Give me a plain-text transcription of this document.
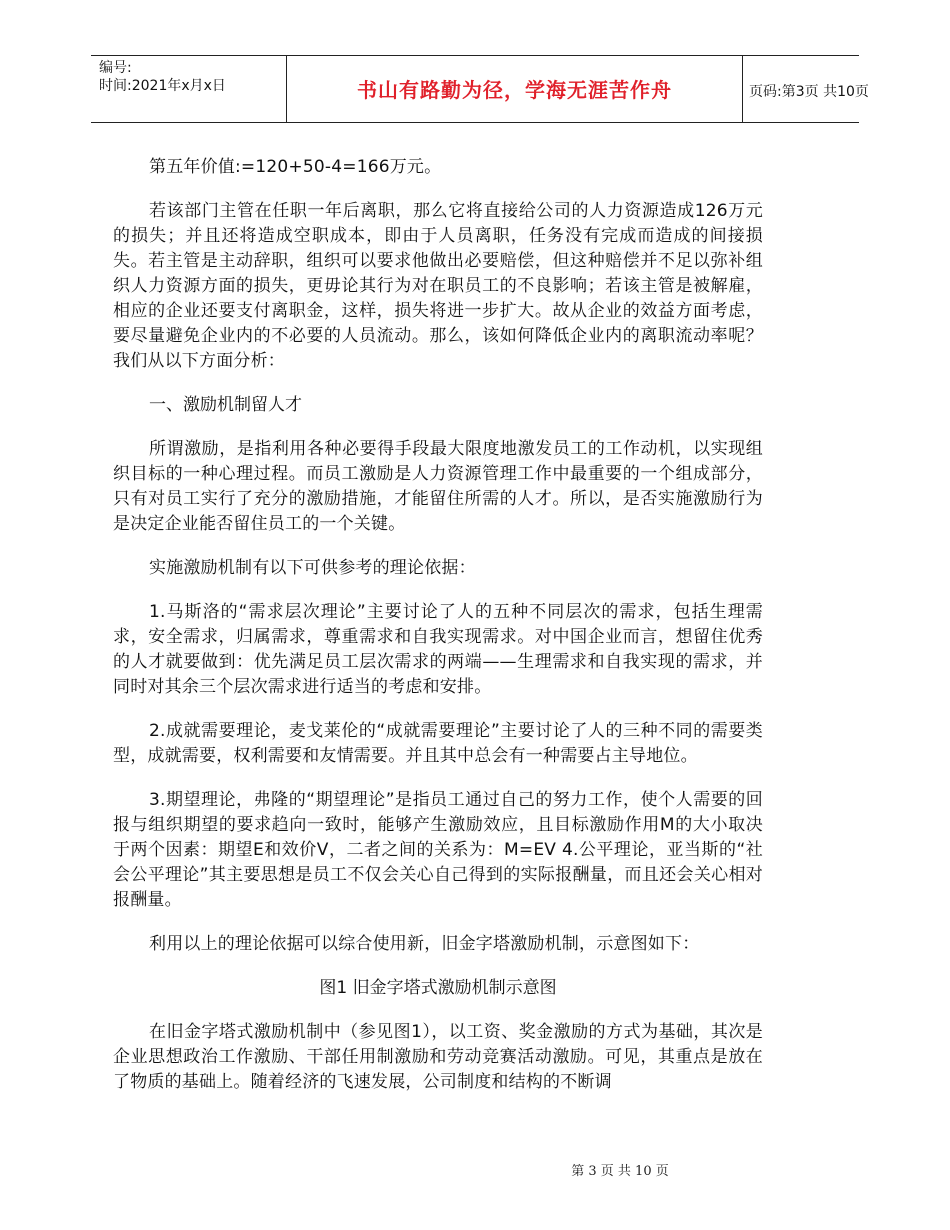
编号:
时间:2021年x月x日	书山有路勤为径，学海无涯苦作舟	页码:第3页 共10页

第五年价值:=120+50-4=166万元。

若该部门主管在任职一年后离职，那么它将直接给公司的人力资源造成126万元的损失；并且还将造成空职成本，即由于人员离职，任务没有完成而造成的间接损失。若主管是主动辞职，组织可以要求他做出必要赔偿，但这种赔偿并不足以弥补组织人力资源方面的损失，更毋论其行为对在职员工的不良影响；若该主管是被解雇，相应的企业还要支付离职金，这样，损失将进一步扩大。故从企业的效益方面考虑，要尽量避免企业内的不必要的人员流动。那么，该如何降低企业内的离职流动率呢？我们从以下方面分析：

一、激励机制留人才

所谓激励，是指利用各种必要得手段最大限度地激发员工的工作动机，以实现组织目标的一种心理过程。而员工激励是人力资源管理工作中最重要的一个组成部分，只有对员工实行了充分的激励措施，才能留住所需的人才。所以，是否实施激励行为是决定企业能否留住员工的一个关键。

实施激励机制有以下可供参考的理论依据：

1.马斯洛的“需求层次理论”主要讨论了人的五种不同层次的需求，包括生理需求，安全需求，归属需求，尊重需求和自我实现需求。对中国企业而言，想留住优秀的人才就要做到：优先满足员工层次需求的两端——生理需求和自我实现的需求，并同时对其余三个层次需求进行适当的考虑和安排。

2.成就需要理论，麦戈莱伦的“成就需要理论”主要讨论了人的三种不同的需要类型，成就需要，权利需要和友情需要。并且其中总会有一种需要占主导地位。

3.期望理论，弗隆的“期望理论”是指员工通过自己的努力工作，使个人需要的回报与组织期望的要求趋向一致时，能够产生激励效应，且目标激励作用M的大小取决于两个因素：期望E和效价V，二者之间的关系为：M=EV 4.公平理论，亚当斯的“社会公平理论”其主要思想是员工不仅会关心自己得到的实际报酬量，而且还会关心相对报酬量。

利用以上的理论依据可以综合使用新，旧金字塔激励机制，示意图如下：

图1 旧金字塔式激励机制示意图

在旧金字塔式激励机制中（参见图1），以工资、奖金激励的方式为基础，其次是企业思想政治工作激励、干部任用制激励和劳动竞赛活动激励。可见，其重点是放在了物质的基础上。随着经济的飞速发展，公司制度和结构的不断调

第 3 页 共 10 页
